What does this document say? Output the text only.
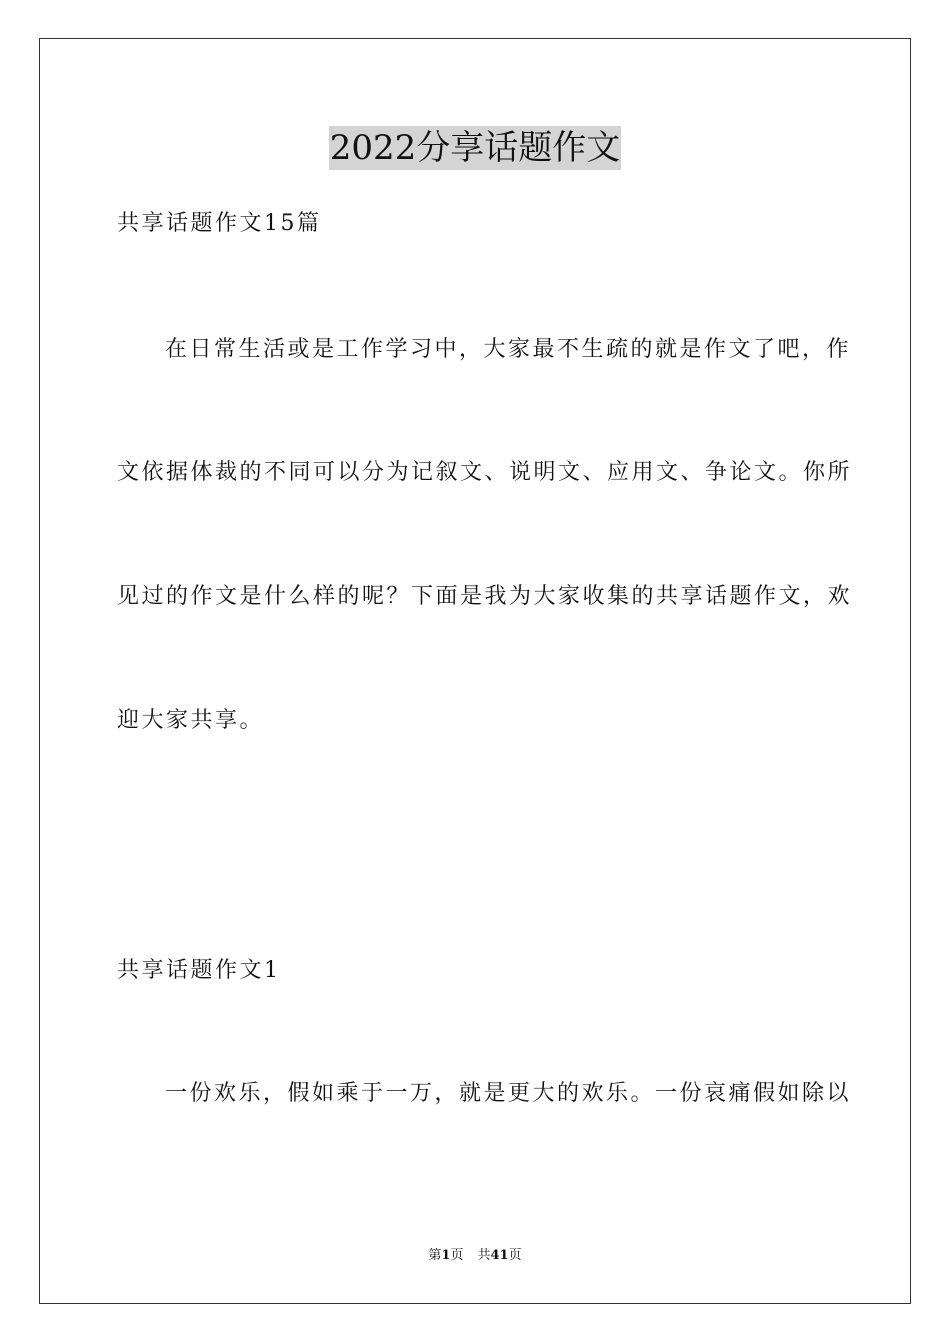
2022分享话题作文
共享话题作文15篇
在日常生活或是工作学习中，大家最不生疏的就是作文了吧，作
文依据体裁的不同可以分为记叙文、说明文、应用文、争论文。你所
见过的作文是什么样的呢？下面是我为大家收集的共享话题作文，欢
迎大家共享。
共享话题作文1
一份欢乐，假如乘于一万，就是更大的欢乐。一份哀痛假如除以
第1页 共41页
